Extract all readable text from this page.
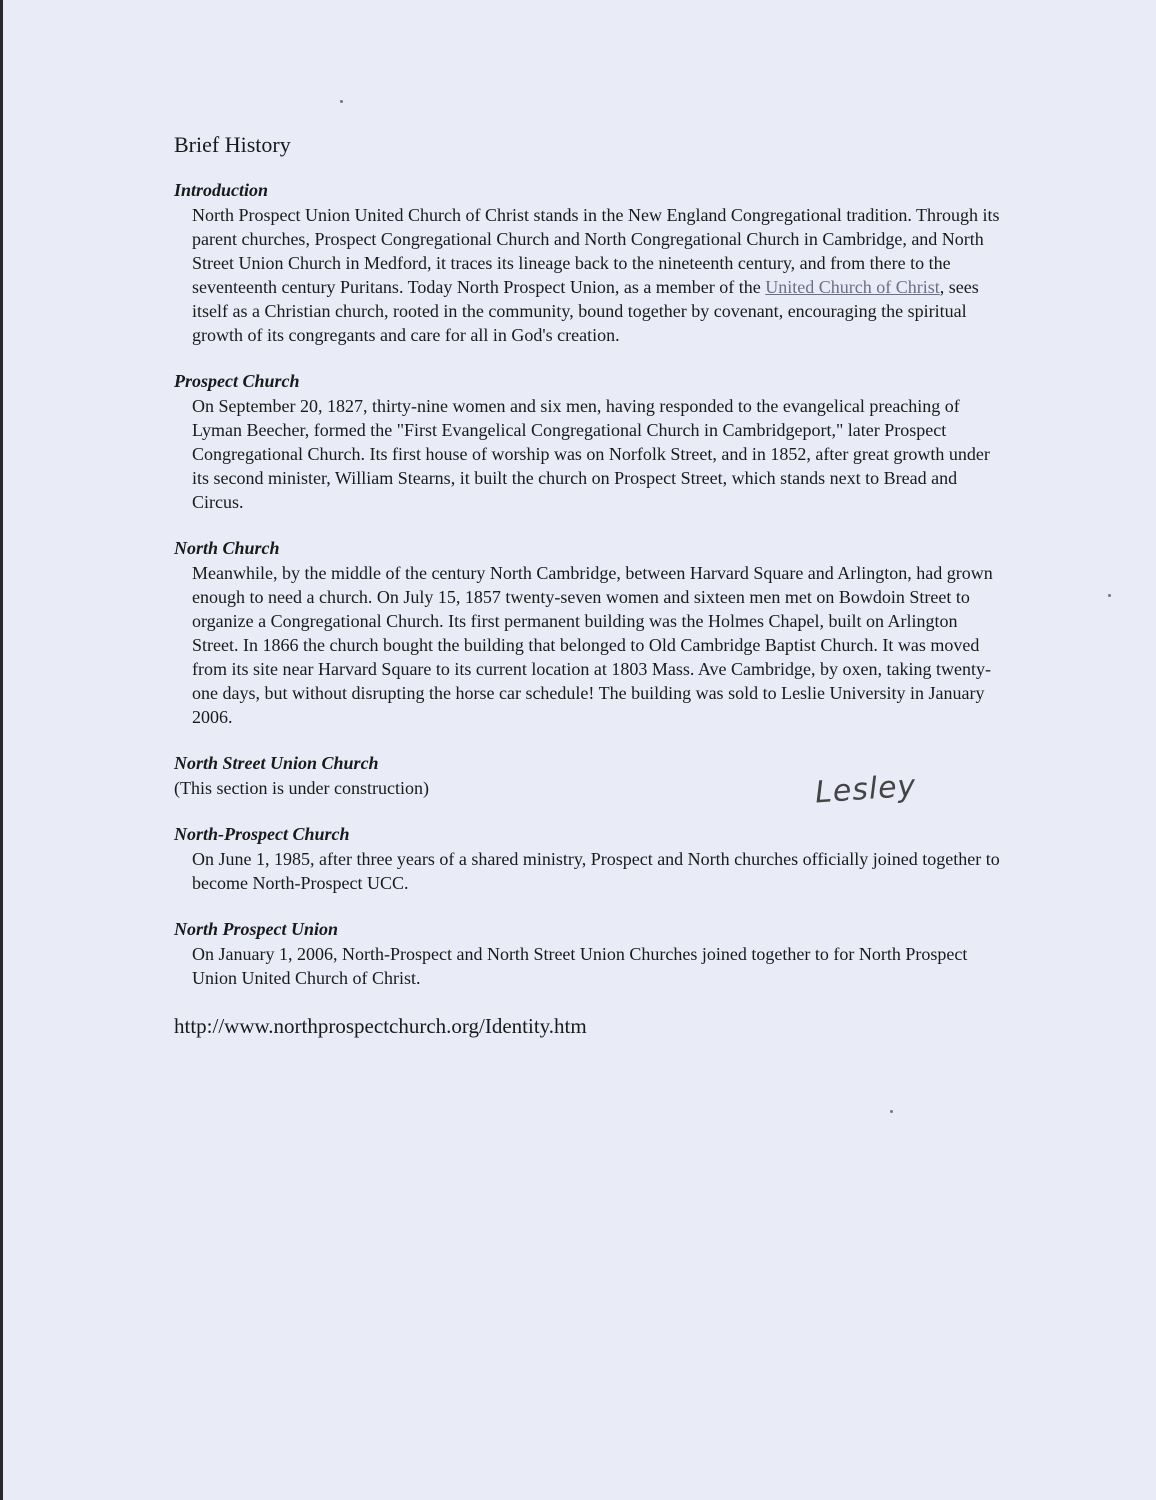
Brief History
Introduction

North Prospect Union United Church of Christ stands in the New England Congregational tradition. Through its parent churches, Prospect Congregational Church and North Congregational Church in Cambridge, and North Street Union Church in Medford, it traces its lineage back to the nineteenth century, and from there to the seventeenth century Puritans. Today North Prospect Union, as a member of the United Church of Christ, sees itself as a Christian church, rooted in the community, bound together by covenant, encouraging the spiritual growth of its congregants and care for all in God's creation.

Prospect Church

On September 20, 1827, thirty-nine women and six men, having responded to the evangelical preaching of Lyman Beecher, formed the "First Evangelical Congregational Church in Cambridgeport," later Prospect Congregational Church. Its first house of worship was on Norfolk Street, and in 1852, after great growth under its second minister, William Stearns, it built the church on Prospect Street, which stands next to Bread and Circus.

North Church

Meanwhile, by the middle of the century North Cambridge, between Harvard Square and Arlington, had grown enough to need a church. On July 15, 1857 twenty-seven women and sixteen men met on Bowdoin Street to organize a Congregational Church. Its first permanent building was the Holmes Chapel, built on Arlington Street. In 1866 the church bought the building that belonged to Old Cambridge Baptist Church. It was moved from its site near Harvard Square to its current location at 1803 Mass. Ave Cambridge, by oxen, taking twenty-one days, but without disrupting the horse car schedule! The building was sold to Leslie University in January 2006.

North Street Union Church

(This section is under construction)

North-Prospect Church

On June 1, 1985, after three years of a shared ministry, Prospect and North churches officially joined together to become North-Prospect UCC.

North Prospect Union

On January 1, 2006, North-Prospect and North Street Union Churches joined together to for North Prospect Union United Church of Christ.

http://www.northprospectchurch.org/Identity.htm
Lesley
